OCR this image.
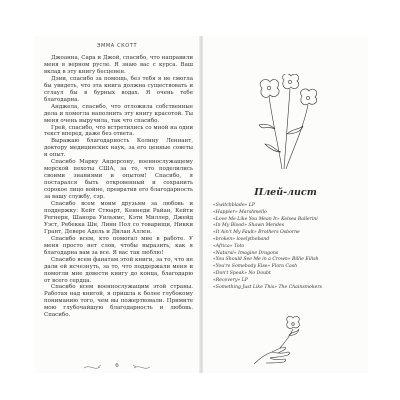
ЭММА СКОТТ

Джоанна, Сара и Джой, спасибо, что направили меня в верном русле. Я знаю вас с курса. Ваш вклад в эту книгу бесценен.

Дэни, спасибо за помощь, без тебя я не смогла бы увидеть, что эта книга должна существовать и сглаул бы в бурных водах. Я очень тебе благодарна.

Анджела, спасибо, что отложила собственные дела и помогла наполнить эту книгу красотой. Ты меня очень выручила, так что спасибо.

Грей, спасибо, что встретились со мной на одни текст вперед, даже без ответа.

Выражаю благодарность Колину Леннант, доктору медицинских наук, за его ценные советы и опыт.

Спасибо Марку Андерсону, военнослужащему морской пехоты США, за то, что поделились своими знаниями и опытом! Спасибо, я постарался быть откровенный и сохранить сорокое лицо войне, превратив его благодарность за вашу службу, сэр.

Спасибо всем моим друзьям за любовь и поддержку: Кейт Стюарт, Кеннеди Райан, Кейти Регнерн, Шанора Уильямс, Кэти Миллер, Джейд Уэст, Ребекка Шн, Линн Пол со товарищи, Никки Грант, Девере Адель и Дилан Аллен.

Спасибо всем, кто помогал мне в работе. У меня просто нет слов, чтобы выразить, как я благодарна вам за все. Я вас так люблю!

Спасибо всем фанатам этой книги, за то, что не дали ей исчезнуть, за то, что поддержали меня и помогли мне довести книгу до конца, благодарю от всего сердца.

Спасибо всем военнослужащим этой страны. Работая над книгой, я пришла к более глубокому пониманию того, чем вы пожертвовали. Примите мою глубочайшую благодарность и любовь. Спасибо.

6
Плей-лист
«Switchblade» LP
«Happier» Marshmello
«Love Me Like You Mean It» Kelsea Ballerini
«In My Blood» Shawn Mendes
«It Ain't My Fault» Brothers Osborne
«broken» lovelytheband
«Africa» Toto
«Natural» Imagine Dragons
«You Should See Me in a Crown» Billie Eilish
«You're Somebody Else» Flora Cash
«Don't Speak» No Doubt
«Recovery» LP
«Something Just Like This» The Chainsmokers
